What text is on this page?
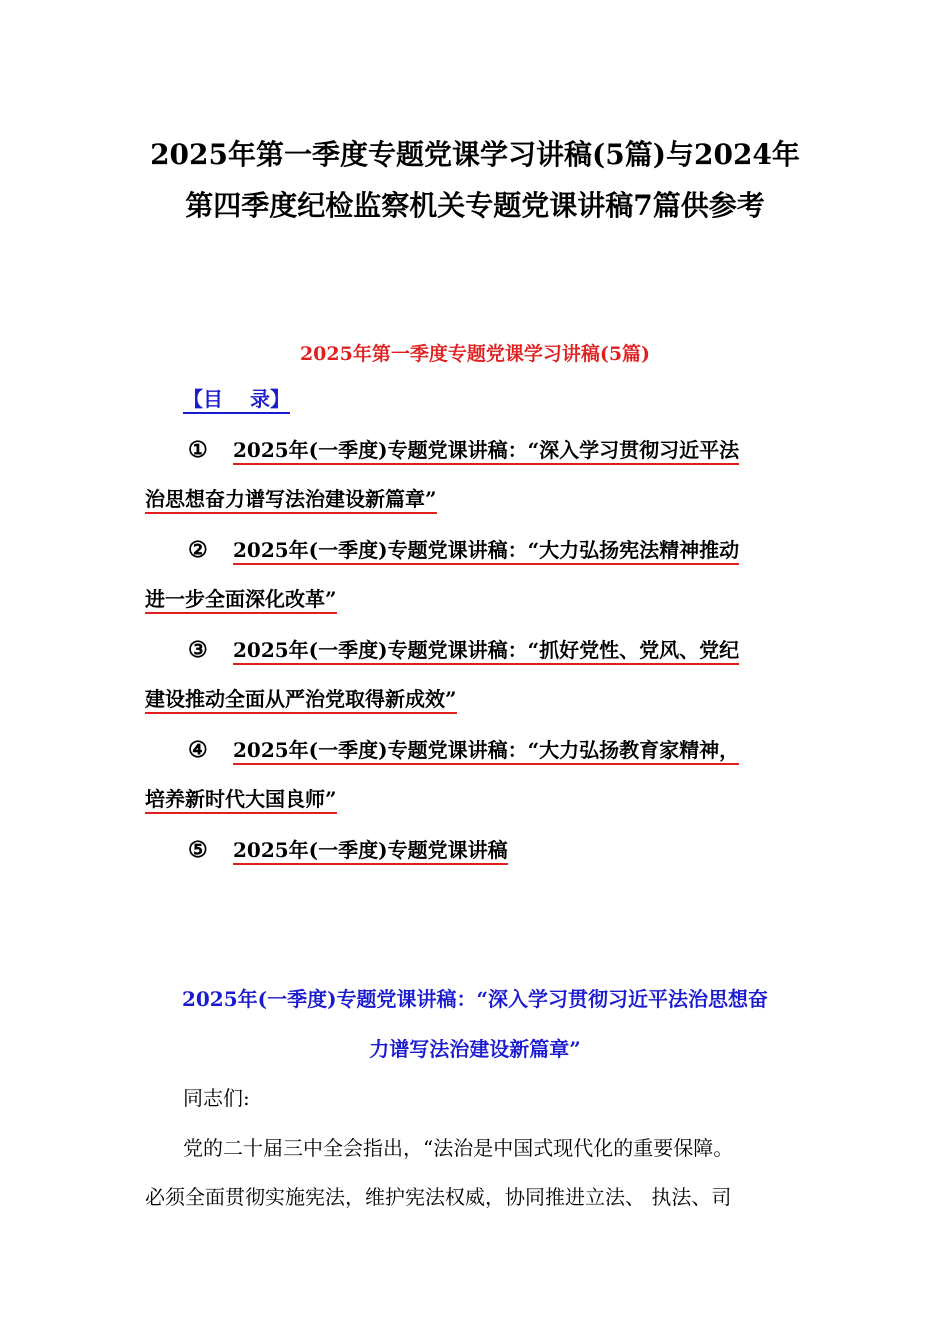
2025年第一季度专题党课学习讲稿(5篇)与2024年
第四季度纪检监察机关专题党课讲稿7篇供参考
2025年第一季度专题党课学习讲稿(5篇)
【目 录】
① 2025年(一季度)专题党课讲稿：“深入学习贯彻习近平法
治思想奋力谱写法治建设新篇章”
② 2025年(一季度)专题党课讲稿：“大力弘扬宪法精神推动
进一步全面深化改革”
③ 2025年(一季度)专题党课讲稿：“抓好党性、党风、党纪
建设推动全面从严治党取得新成效”
④ 2025年(一季度)专题党课讲稿：“大力弘扬教育家精神，
培养新时代大国良师”
⑤ 2025年(一季度)专题党课讲稿
2025年(一季度)专题党课讲稿：“深入学习贯彻习近平法治思想奋
力谱写法治建设新篇章”
同志们:
党的二十届三中全会指出，“法治是中国式现代化的重要保障。
必须全面贯彻实施宪法，维护宪法权威，协同推进立法、 执法、司
